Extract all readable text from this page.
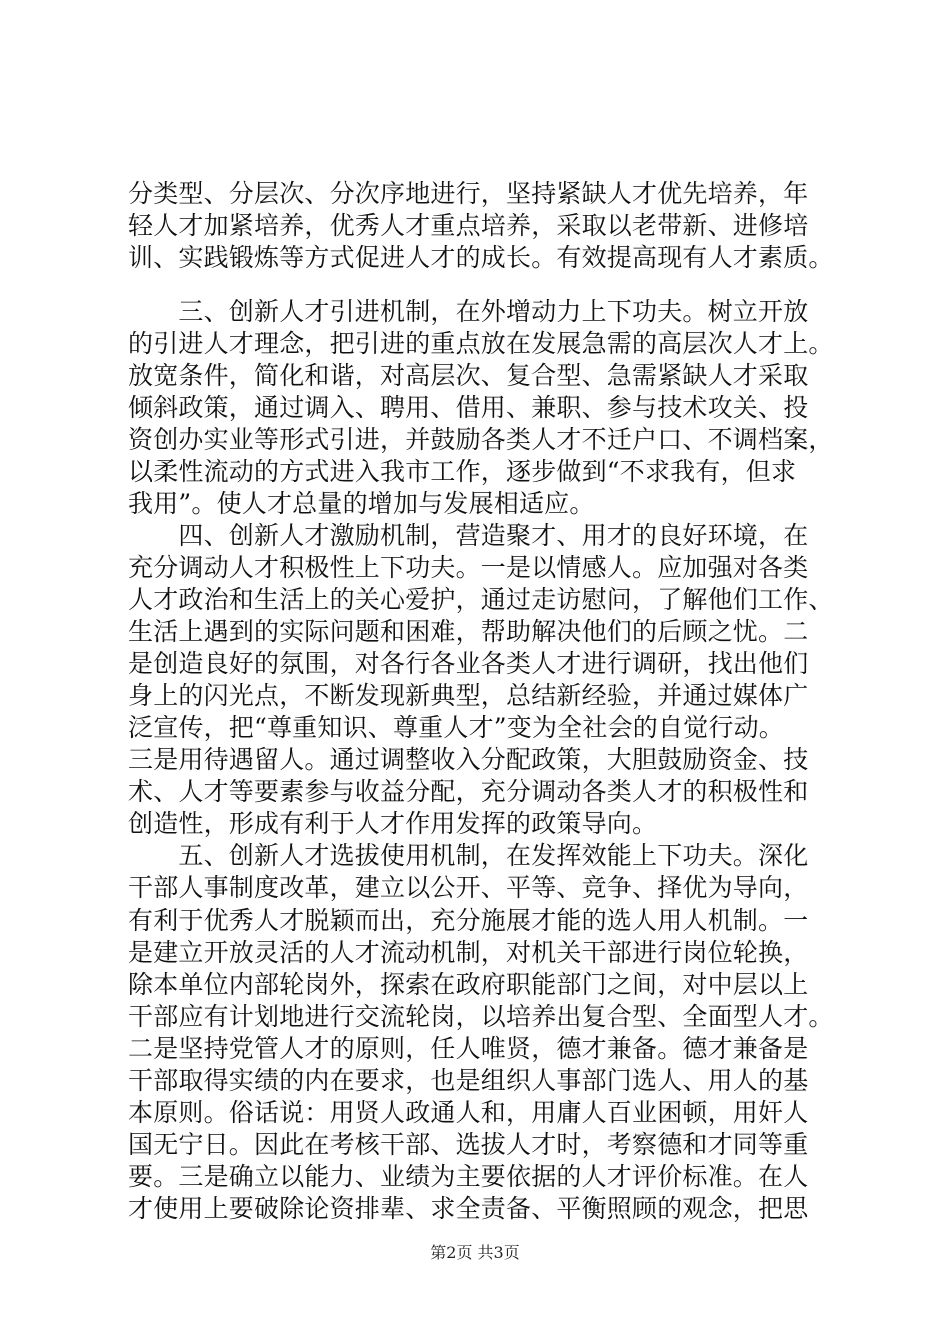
分类型、分层次、分次序地进行，坚持紧缺人才优先培养，年

轻人才加紧培养，优秀人才重点培养，采取以老带新、进修培

训、实践锻炼等方式促进人才的成长。有效提高现有人才素质。

　　三、创新人才引进机制，在外增动力上下功夫。树立开放

的引进人才理念，把引进的重点放在发展急需的高层次人才上。

放宽条件，简化和谐，对高层次、复合型、急需紧缺人才采取

倾斜政策，通过调入、聘用、借用、兼职、参与技术攻关、投

资创办实业等形式引进，并鼓励各类人才不迁户口、不调档案，

以柔性流动的方式进入我市工作，逐步做到“不求我有，但求

我用”。使人才总量的增加与发展相适应。

　　四、创新人才激励机制，营造聚才、用才的良好环境，在

充分调动人才积极性上下功夫。一是以情感人。应加强对各类

人才政治和生活上的关心爱护，通过走访慰问，了解他们工作、

生活上遇到的实际问题和困难，帮助解决他们的后顾之忧。二

是创造良好的氛围，对各行各业各类人才进行调研，找出他们

身上的闪光点，不断发现新典型，总结新经验，并通过媒体广

泛宣传，把“尊重知识、尊重人才”变为全社会的自觉行动。

三是用待遇留人。通过调整收入分配政策，大胆鼓励资金、技

术、人才等要素参与收益分配，充分调动各类人才的积极性和

创造性，形成有利于人才作用发挥的政策导向。

　　五、创新人才选拔使用机制，在发挥效能上下功夫。深化

干部人事制度改革，建立以公开、平等、竞争、择优为导向，

有利于优秀人才脱颖而出，充分施展才能的选人用人机制。一

是建立开放灵活的人才流动机制，对机关干部进行岗位轮换，

除本单位内部轮岗外，探索在政府职能部门之间，对中层以上

干部应有计划地进行交流轮岗，以培养出复合型、全面型人才。

二是坚持党管人才的原则，任人唯贤，德才兼备。德才兼备是

干部取得实绩的内在要求，也是组织人事部门选人、用人的基

本原则。俗话说：用贤人政通人和，用庸人百业困顿，用奸人

国无宁日。因此在考核干部、选拔人才时，考察德和才同等重

要。三是确立以能力、业绩为主要依据的人才评价标准。在人

才使用上要破除论资排辈、求全责备、平衡照顾的观念，把思

第2页 共3页
